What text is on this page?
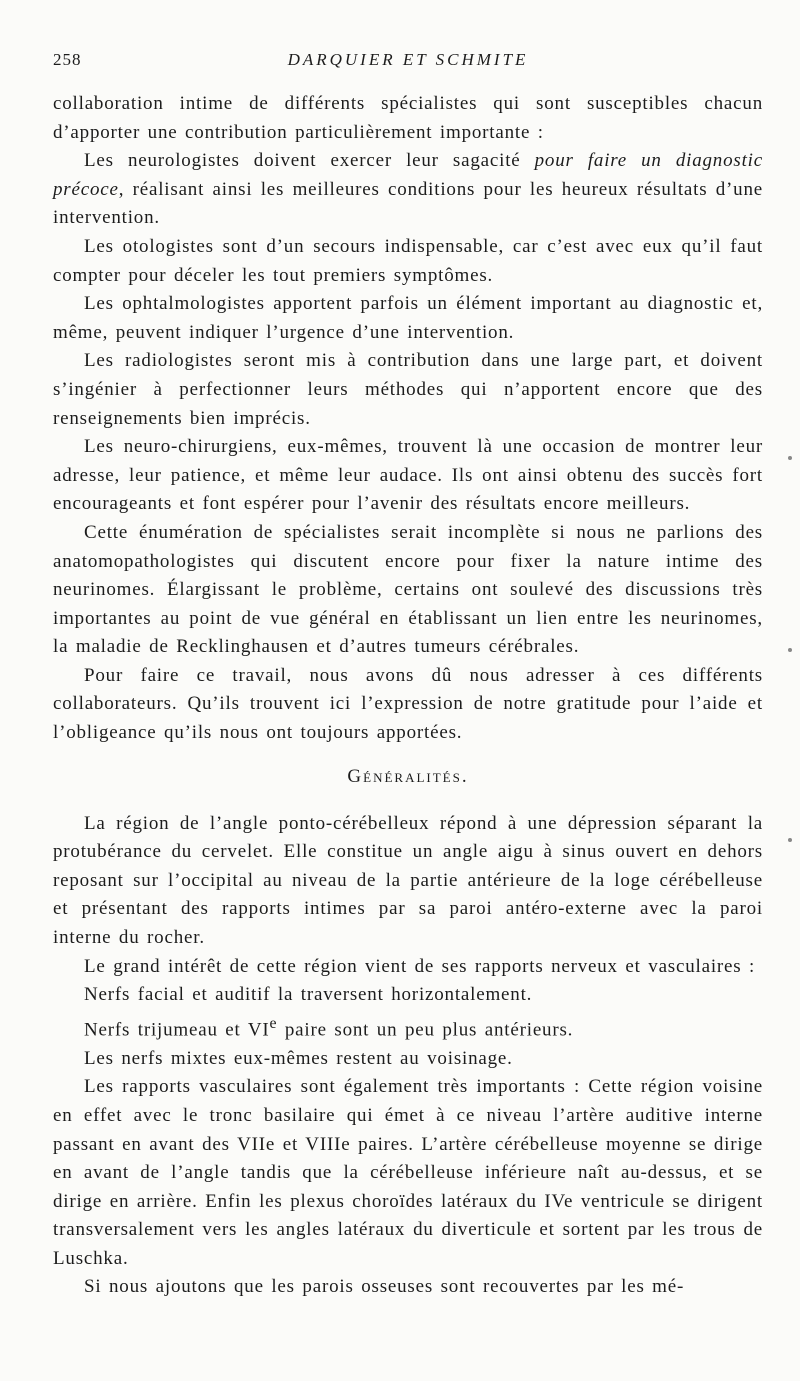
258	DARQUIER ET SCHMITE

collaboration intime de différents spécialistes qui sont susceptibles chacun d’apporter une contribution particulièrement importante :

Les neurologistes doivent exercer leur sagacité pour faire un diagnostic précoce, réalisant ainsi les meilleures conditions pour les heureux résultats d’une intervention.

Les otologistes sont d’un secours indispensable, car c’est avec eux qu’il faut compter pour déceler les tout premiers symptômes.

Les ophtalmologistes apportent parfois un élément important au diagnostic et, même, peuvent indiquer l’urgence d’une intervention.

Les radiologistes seront mis à contribution dans une large part, et doivent s’ingénier à perfectionner leurs méthodes qui n’apportent encore que des renseignements bien imprécis.

Les neuro-chirurgiens, eux-mêmes, trouvent là une occasion de montrer leur adresse, leur patience, et même leur audace. Ils ont ainsi obtenu des succès fort encourageants et font espérer pour l’avenir des résultats encore meilleurs.

Cette énumération de spécialistes serait incomplète si nous ne parlions des anatomopathologistes qui discutent encore pour fixer la nature intime des neurinomes. Élargissant le problème, certains ont soulevé des discussions très importantes au point de vue général en établissant un lien entre les neurinomes, la maladie de Recklinghausen et d’autres tumeurs cérébrales.

Pour faire ce travail, nous avons dû nous adresser à ces différents collaborateurs. Qu’ils trouvent ici l’expression de notre gratitude pour l’aide et l’obligeance qu’ils nous ont toujours apportées.

Généralités.

La région de l’angle ponto-cérébelleux répond à une dépression séparant la protubérance du cervelet. Elle constitue un angle aigu à sinus ouvert en dehors reposant sur l’occipital au niveau de la partie antérieure de la loge cérébelleuse et présentant des rapports intimes par sa paroi antéro-externe avec la paroi interne du rocher.

Le grand intérêt de cette région vient de ses rapports nerveux et vasculaires :

Nerfs facial et auditif la traversent horizontalement.

Nerfs trijumeau et VIe paire sont un peu plus antérieurs.

Les nerfs mixtes eux-mêmes restent au voisinage.

Les rapports vasculaires sont également très importants : Cette région voisine en effet avec le tronc basilaire qui émet à ce niveau l’artère auditive interne passant en avant des VIIe et VIIIe paires. L’artère cérébelleuse moyenne se dirige en avant de l’angle tandis que la cérébelleuse inférieure naît au-dessus, et se dirige en arrière. Enfin les plexus choroïdes latéraux du IVe ventricule se dirigent transversalement vers les angles latéraux du diverticule et sortent par les trous de Luschka.

Si nous ajoutons que les parois osseuses sont recouvertes par les mé-
